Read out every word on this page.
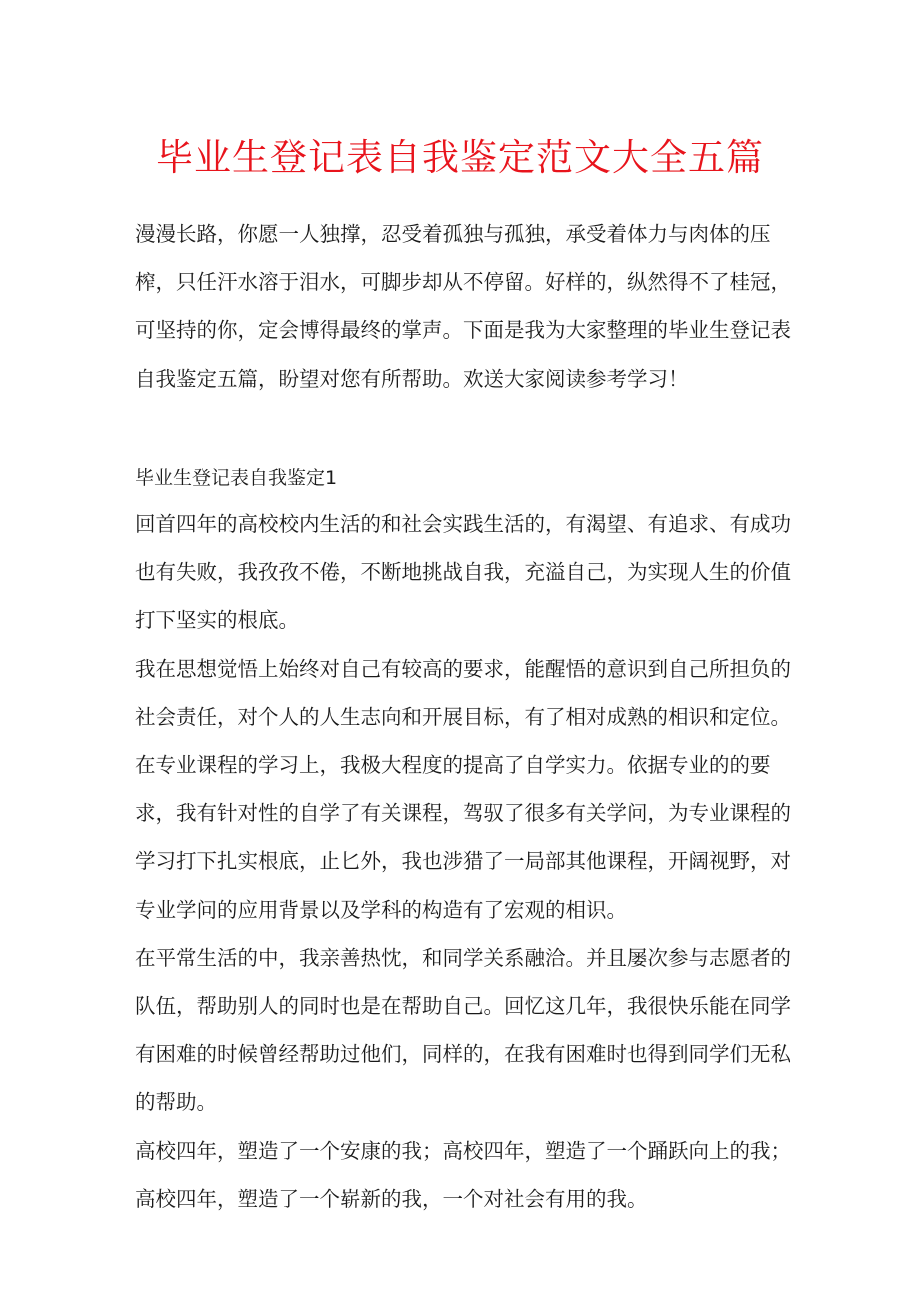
毕业生登记表自我鉴定范文大全五篇

漫漫长路，你愿一人独撑，忍受着孤独与孤独，承受着体力与肉体的压榨，只任汗水溶于泪水，可脚步却从不停留。好样的，纵然得不了桂冠，可坚持的你，定会博得最终的掌声。下面是我为大家整理的毕业生登记表自我鉴定五篇，盼望对您有所帮助。欢送大家阅读参考学习！

毕业生登记表自我鉴定1

回首四年的高校校内生活的和社会实践生活的，有渴望、有追求、有成功也有失败，我孜孜不倦，不断地挑战自我，充溢自己，为实现人生的价值打下坚实的根底。

我在思想觉悟上始终对自己有较高的要求，能醒悟的意识到自己所担负的社会责任，对个人的人生志向和开展目标，有了相对成熟的相识和定位。

在专业课程的学习上，我极大程度的提高了自学实力。依据专业的的要求，我有针对性的自学了有关课程，驾驭了很多有关学问，为专业课程的学习打下扎实根底，止匕外，我也涉猎了一局部其他课程，开阔视野，对专业学问的应用背景以及学科的构造有了宏观的相识。

在平常生活的中，我亲善热忱，和同学关系融洽。并且屡次参与志愿者的队伍，帮助别人的同时也是在帮助自己。回忆这几年，我很快乐能在同学有困难的时候曾经帮助过他们，同样的，在我有困难时也得到同学们无私的帮助。

高校四年，塑造了一个安康的我；高校四年，塑造了一个踊跃向上的我；高校四年，塑造了一个崭新的我，一个对社会有用的我。
